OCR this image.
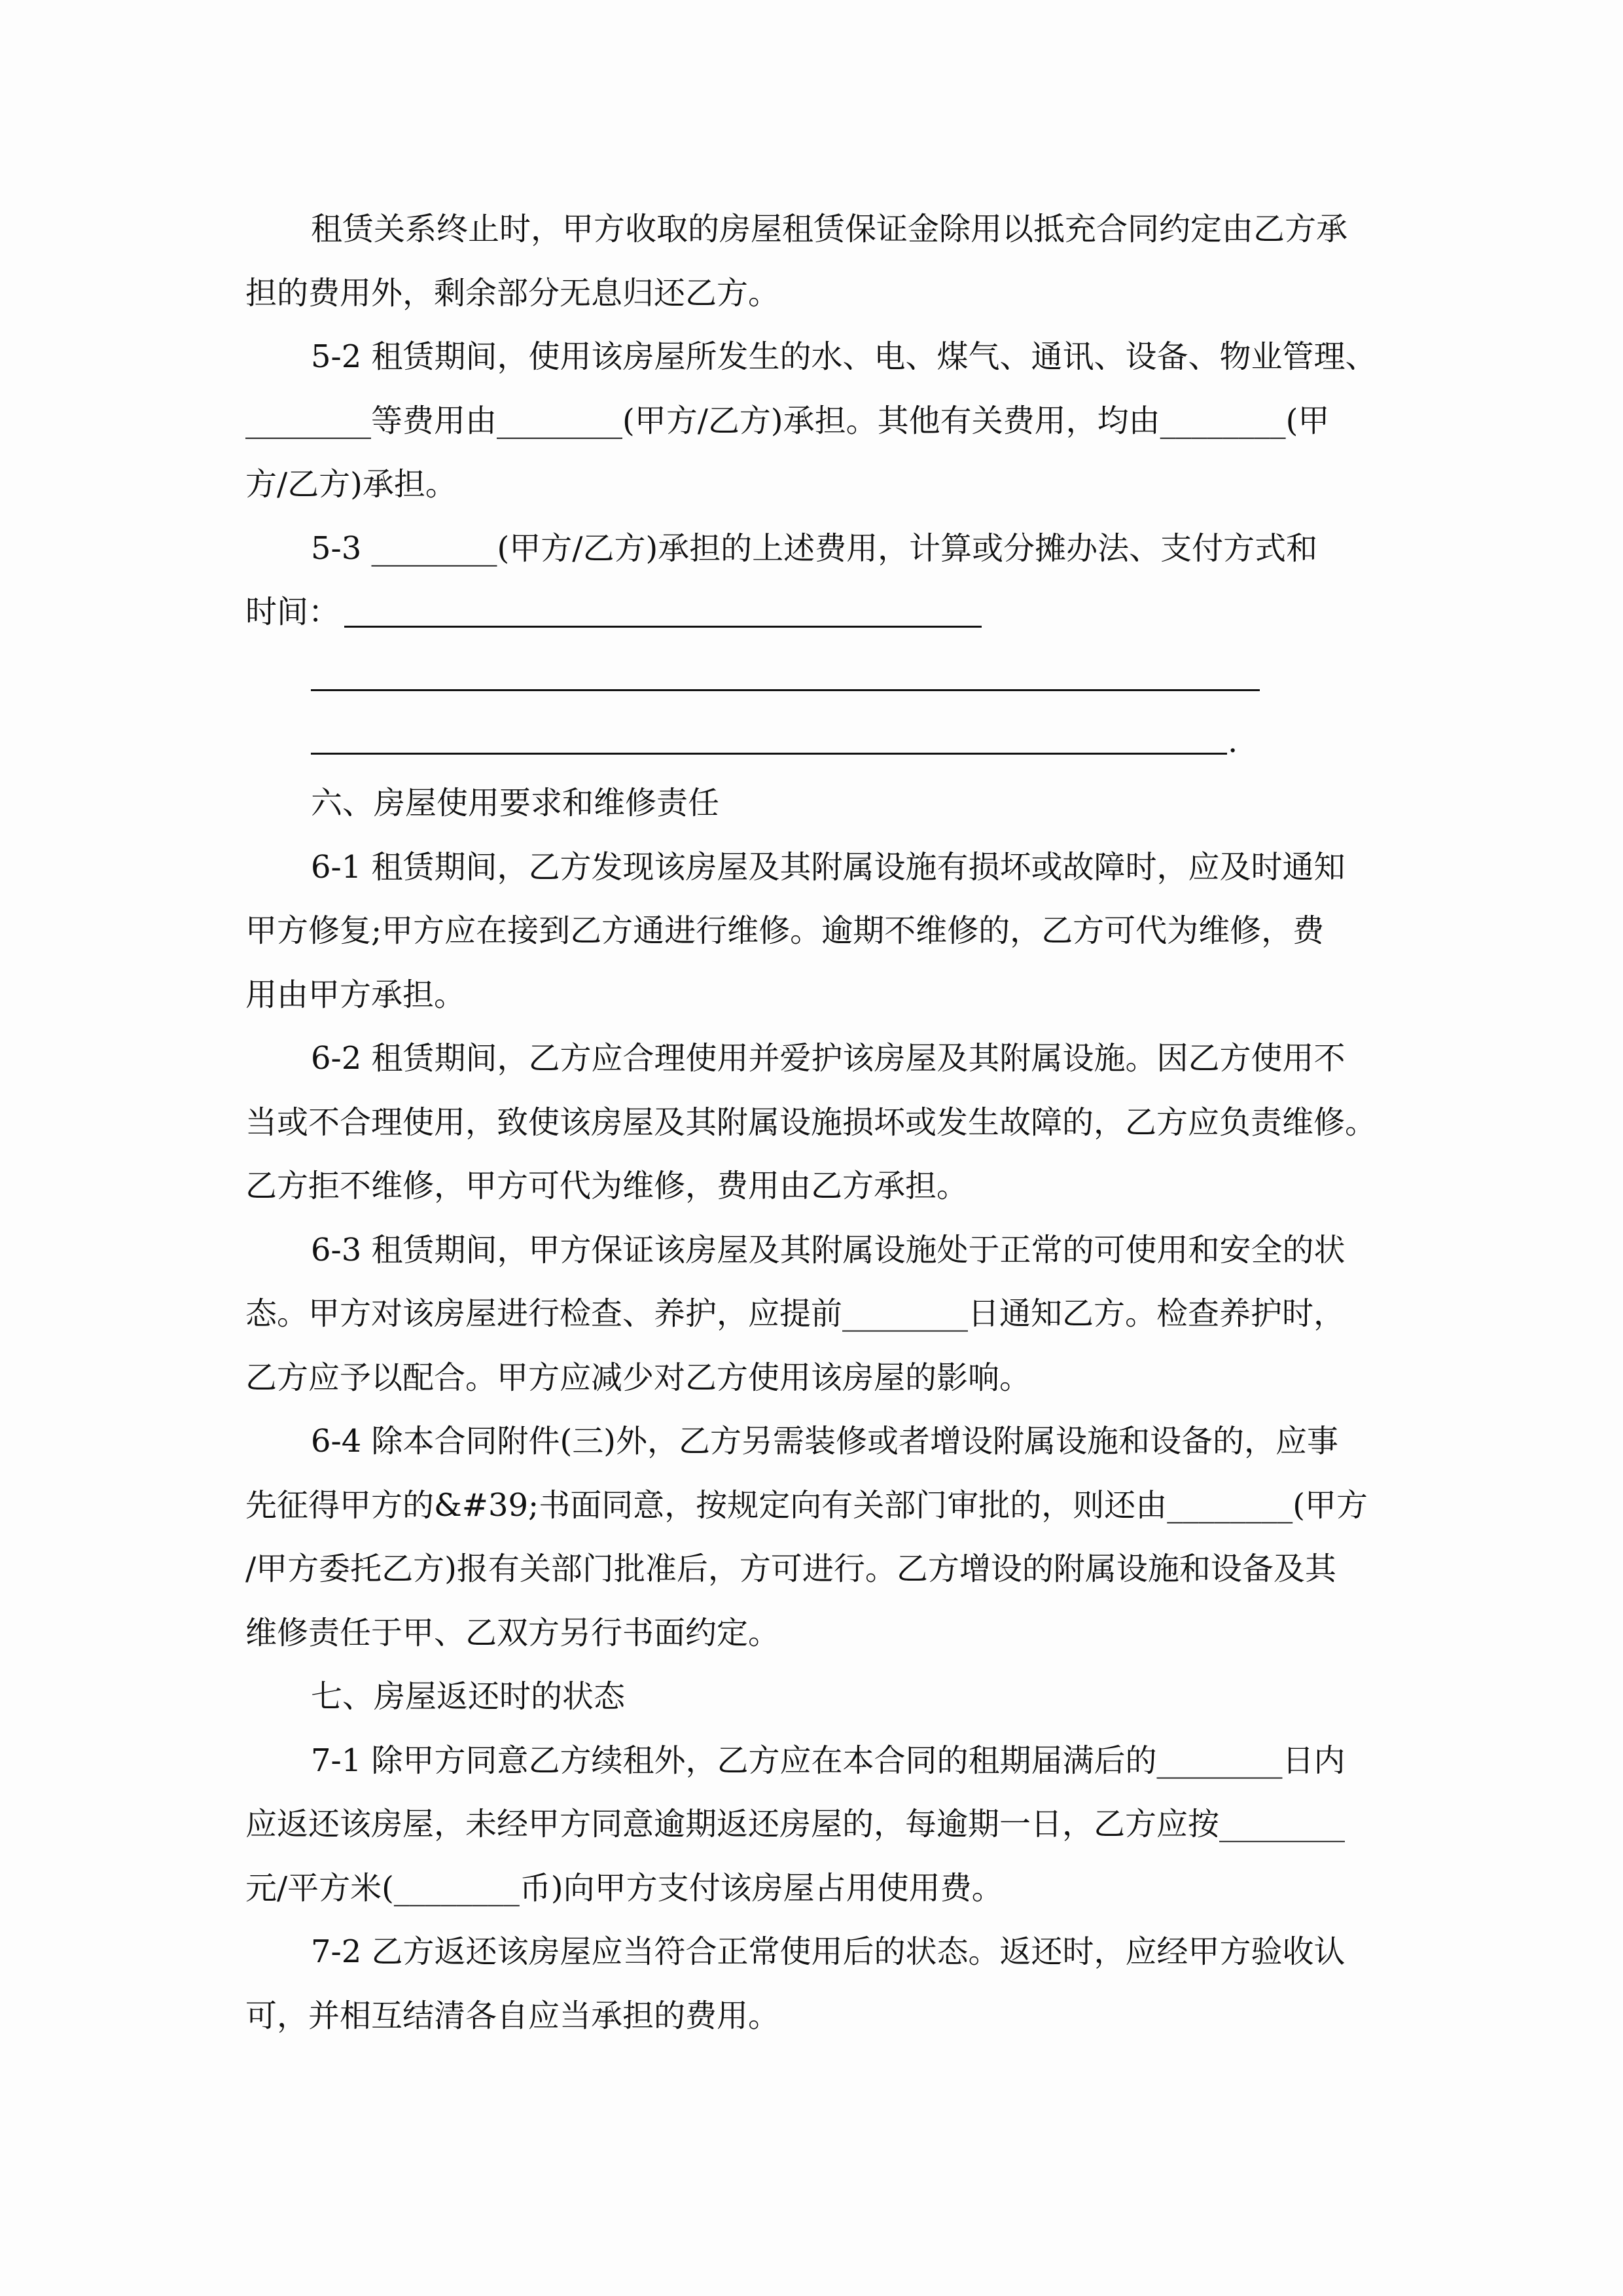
租赁关系终止时，甲方收取的房屋租赁保证金除用以抵充合同约定由乙方承
担的费用外，剩余部分无息归还乙方。
5-2 租赁期间，使用该房屋所发生的水、电、煤气、通讯、设备、物业管理、
________等费用由________(甲方/乙方)承担。其他有关费用，均由________(甲
方/乙方)承担。
5-3 ________(甲方/乙方)承担的上述费用，计算或分摊办法、支付方式和
时间：
.
六、房屋使用要求和维修责任
6-1 租赁期间，乙方发现该房屋及其附属设施有损坏或故障时，应及时通知
甲方修复;甲方应在接到乙方通进行维修。逾期不维修的，乙方可代为维修，费
用由甲方承担。
6-2 租赁期间，乙方应合理使用并爱护该房屋及其附属设施。因乙方使用不
当或不合理使用，致使该房屋及其附属设施损坏或发生故障的，乙方应负责维修。
乙方拒不维修，甲方可代为维修，费用由乙方承担。
6-3 租赁期间，甲方保证该房屋及其附属设施处于正常的可使用和安全的状
态。甲方对该房屋进行检查、养护，应提前________日通知乙方。检查养护时，
乙方应予以配合。甲方应减少对乙方使用该房屋的影响。
6-4 除本合同附件(三)外，乙方另需装修或者增设附属设施和设备的，应事
先征得甲方的&#39;书面同意，按规定向有关部门审批的，则还由________(甲方
/甲方委托乙方)报有关部门批准后，方可进行。乙方增设的附属设施和设备及其
维修责任于甲、乙双方另行书面约定。
七、房屋返还时的状态
7-1 除甲方同意乙方续租外，乙方应在本合同的租期届满后的________日内
应返还该房屋，未经甲方同意逾期返还房屋的，每逾期一日，乙方应按________
元/平方米(________币)向甲方支付该房屋占用使用费。
7-2 乙方返还该房屋应当符合正常使用后的状态。返还时，应经甲方验收认
可，并相互结清各自应当承担的费用。
